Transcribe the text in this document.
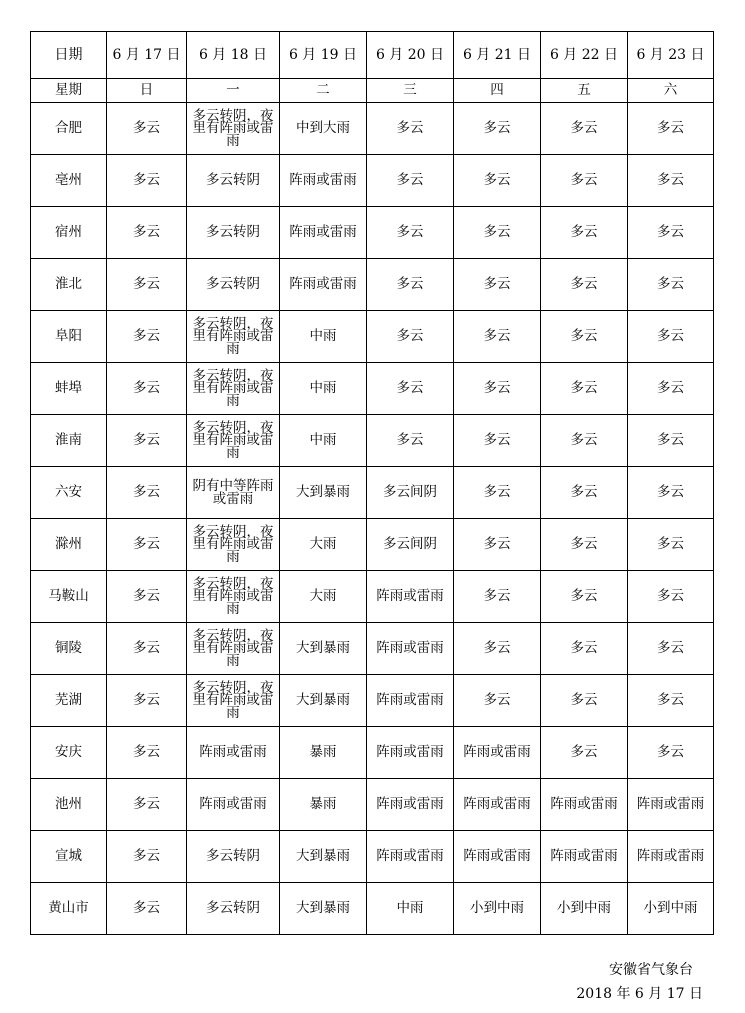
日期	6 月 17 日	6 月 18 日	6 月 19 日	6 月 20 日	6 月 21 日	6 月 22 日	6 月 23 日
星期	日	一	二	三	四	五	六
合肥	多云	多云转阴，夜里有阵雨或雷雨	中到大雨	多云	多云	多云	多云
亳州	多云	多云转阴	阵雨或雷雨	多云	多云	多云	多云
宿州	多云	多云转阴	阵雨或雷雨	多云	多云	多云	多云
淮北	多云	多云转阴	阵雨或雷雨	多云	多云	多云	多云
阜阳	多云	多云转阴，夜里有阵雨或雷雨	中雨	多云	多云	多云	多云
蚌埠	多云	多云转阴，夜里有阵雨或雷雨	中雨	多云	多云	多云	多云
淮南	多云	多云转阴，夜里有阵雨或雷雨	中雨	多云	多云	多云	多云
六安	多云	阴有中等阵雨或雷雨	大到暴雨	多云间阴	多云	多云	多云
滁州	多云	多云转阴，夜里有阵雨或雷雨	大雨	多云间阴	多云	多云	多云
马鞍山	多云	多云转阴，夜里有阵雨或雷雨	大雨	阵雨或雷雨	多云	多云	多云
铜陵	多云	多云转阴，夜里有阵雨或雷雨	大到暴雨	阵雨或雷雨	多云	多云	多云
芜湖	多云	多云转阴，夜里有阵雨或雷雨	大到暴雨	阵雨或雷雨	多云	多云	多云
安庆	多云	阵雨或雷雨	暴雨	阵雨或雷雨	阵雨或雷雨	多云	多云
池州	多云	阵雨或雷雨	暴雨	阵雨或雷雨	阵雨或雷雨	阵雨或雷雨	阵雨或雷雨
宣城	多云	多云转阴	大到暴雨	阵雨或雷雨	阵雨或雷雨	阵雨或雷雨	阵雨或雷雨
黄山市	多云	多云转阴	大到暴雨	中雨	小到中雨	小到中雨	小到中雨
安徽省气象台
2018 年 6 月 17 日
